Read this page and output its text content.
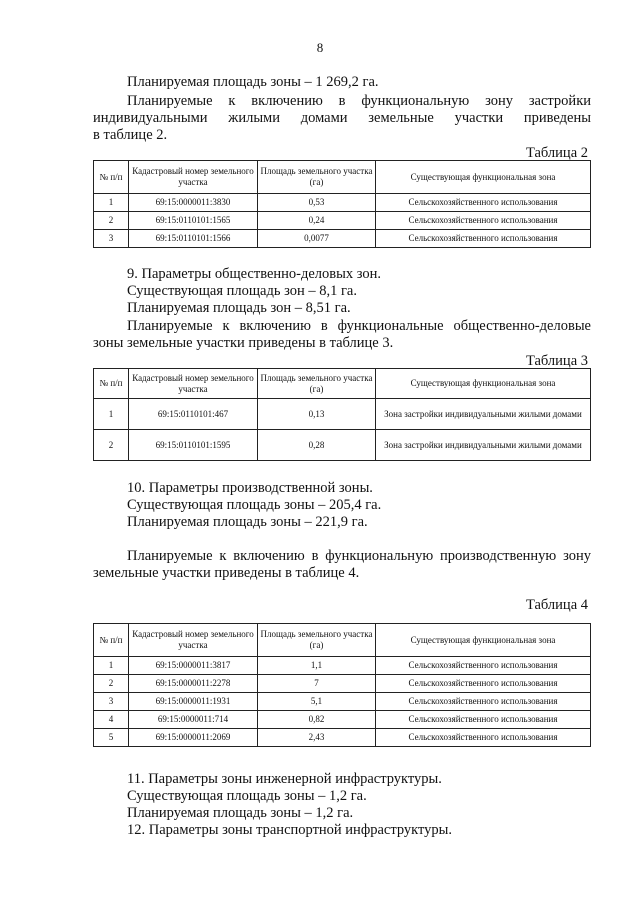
8
Планируемая площадь зоны – 1 269,2 га.
Планируемые к включению в функциональную зону застройки
индивидуальными жилыми домами земельные участки приведены
в таблице 2.
Таблица 2
№ п/п	Кадастровый номер земельного участка	Площадь земельного участка (га)	Существующая функциональная зона
1	69:15:0000011:3830	0,53	Сельскохозяйственного использования
2	69:15:0110101:1565	0,24	Сельскохозяйственного использования
3	69:15:0110101:1566	0,0077	Сельскохозяйственного использования
9. Параметры общественно-деловых зон.
Существующая площадь зон – 8,1 га.
Планируемая площадь зон – 8,51 га.
Планируемые к включению в функциональные общественно-деловые
зоны земельные участки приведены в таблице 3.
Таблица 3
№ п/п	Кадастровый номер земельного участка	Площадь земельного участка (га)	Существующая функциональная зона
1	69:15:0110101:467	0,13	Зона застройки индивидуальными жилыми домами
2	69:15:0110101:1595	0,28	Зона застройки индивидуальными жилыми домами
10. Параметры производственной зоны.
Существующая площадь зоны – 205,4 га.
Планируемая площадь зоны – 221,9 га.
Планируемые к включению в функциональную производственную зону
земельные участки приведены в таблице 4.
Таблица 4
№ п/п	Кадастровый номер земельного участка	Площадь земельного участка (га)	Существующая функциональная зона
1	69:15:0000011:3817	1,1	Сельскохозяйственного использования
2	69:15:0000011:2278	7	Сельскохозяйственного использования
3	69:15:0000011:1931	5,1	Сельскохозяйственного использования
4	69:15:0000011:714	0,82	Сельскохозяйственного использования
5	69:15:0000011:2069	2,43	Сельскохозяйственного использования
11. Параметры зоны инженерной инфраструктуры.
Существующая площадь зоны – 1,2 га.
Планируемая площадь зоны – 1,2 га.
12. Параметры зоны транспортной инфраструктуры.
